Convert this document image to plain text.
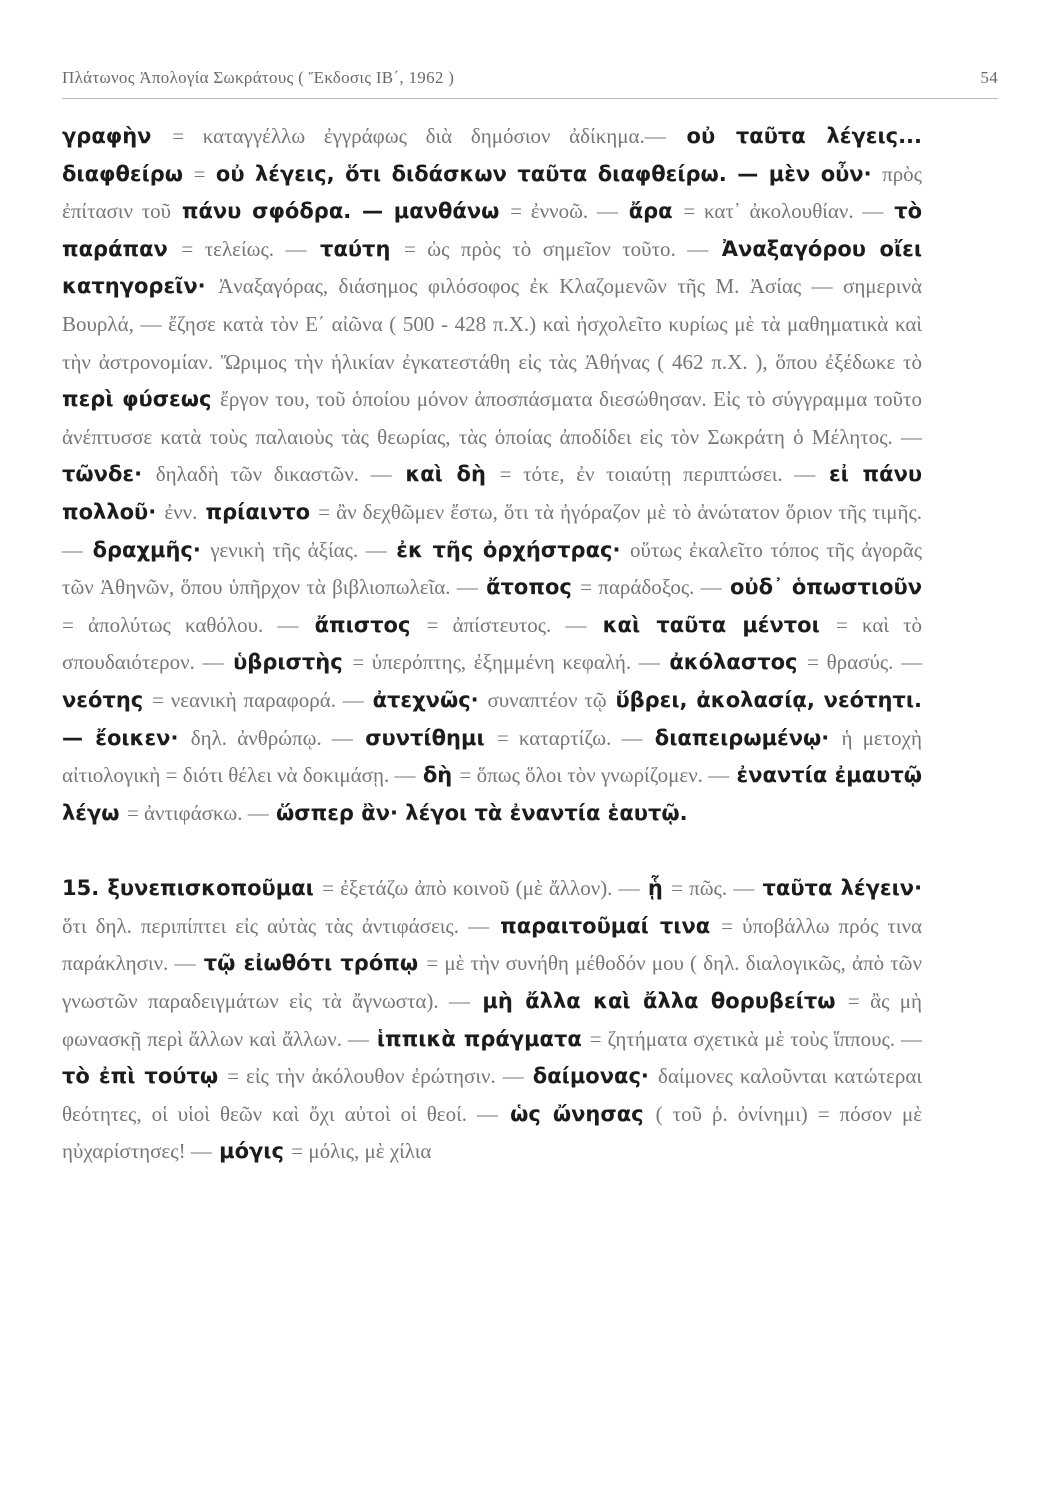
Πλάτωνος Ἀπολογία Σωκράτους ( Ἔκδοσις ΙΒ΄, 1962 )	54

γραφὴν = καταγγέλλω ἐγγράφως διὰ δημόσιον ἀδίκημα.— οὐ ταῦτα λέγεις... διαφθείρω = οὐ λέγεις, ὅτι διδάσκων ταῦτα διαφθείρω. — μὲν οὖν· πρὸς ἐπίτασιν τοῦ πάνυ σφόδρα. — μανθάνω = ἐννοῶ. — ἄρα = κατ᾽ ἀκολουθίαν. — τὸ παράπαν = τελείως. — ταύτη = ὡς πρὸς τὸ σημεῖον τοῦτο. — Ἀναξαγόρου οἴει κατηγορεῖν· Ἀναξαγόρας, διάσημος φιλόσοφος ἐκ Κλαζομενῶν τῆς Μ. Ἀσίας — σημερινὰ Βουρλά, — ἔζησε κατὰ τὸν Ε΄ αἰῶνα ( 500 - 428 π.Χ.) καὶ ἠσχολεῖτο κυρίως μὲ τὰ μαθηματικὰ καὶ τὴν ἀστρονομίαν. Ὥριμος τὴν ἡλικίαν ἐγκατεστάθη εἰς τὰς Ἀθήνας ( 462 π.Χ. ), ὅπου ἐξέδωκε τὸ περὶ φύσεως ἔργον του, τοῦ ὁποίου μόνον ἀποσπάσματα διεσώθησαν. Εἰς τὸ σύγγραμμα τοῦτο ἀνέπτυσσε κατὰ τοὺς παλαιοὺς τὰς θεωρίας, τὰς ὁποίας ἀποδίδει εἰς τὸν Σωκράτη ὁ Μέλητος. — τῶνδε· δηλαδὴ τῶν δικαστῶν. — καὶ δὴ = τότε, ἐν τοιαύτῃ περιπτώσει. — εἰ πάνυ πολλοῦ· ἐνν. πρίαιντο = ἂν δεχθῶμεν ἔστω, ὅτι τὰ ἠγόραζον μὲ τὸ ἀνώτατον ὅριον τῆς τιμῆς. — δραχμῆς· γενικὴ τῆς ἀξίας. — ἐκ τῆς ὀρχήστρας· οὕτως ἐκαλεῖτο τόπος τῆς ἀγορᾶς τῶν Ἀθηνῶν, ὅπου ὑπῆρχον τὰ βιβλιοπωλεῖα. — ἄτοπος = παράδοξος. — οὐδ᾽ ὁπωστιοῦν = ἀπολύτως καθόλου. — ἄπιστος = ἀπίστευτος. — καὶ ταῦτα μέντοι = καὶ τὸ σπουδαιότερον. — ὑβριστὴς = ὑπερόπτης, ἐξημμένη κεφαλή. — ἀκόλαστος = θρασύς. — νεότης = νεανικὴ παραφορά. — ἀτεχνῶς· συναπτέον τῷ ὕβρει, ἀκολασίᾳ, νεότητι. — ἔοικεν· δηλ. ἀνθρώπῳ. — συντίθημι = καταρτίζω. — διαπειρωμένῳ· ἡ μετοχὴ αἰτιολογικὴ = διότι θέλει νὰ δοκιμάσῃ. — δὴ = ὅπως ὅλοι τὸν γνωρίζομεν. — ἐναντία ἐμαυτῷ λέγω = ἀντιφάσκω. — ὥσπερ ἂν· λέγοι τὰ ἐναντία ἑαυτῷ.

15. ξυνεπισκοποῦμαι = ἐξετάζω ἀπὸ κοινοῦ (μὲ ἄλλον). — ᾗ = πῶς. — ταῦτα λέγειν· ὅτι δηλ. περιπίπτει εἰς αὐτὰς τὰς ἀντιφάσεις. — παραιτοῦμαί τινα = ὑποβάλλω πρός τινα παράκλησιν. — τῷ εἰωθότι τρόπῳ = μὲ τὴν συνήθη μέθοδόν μου ( δηλ. διαλογικῶς, ἀπὸ τῶν γνωστῶν παραδειγμάτων εἰς τὰ ἄγνωστα). — μὴ ἄλλα καὶ ἄλλα θορυβείτω = ἂς μὴ φωνασκῇ περὶ ἄλλων καὶ ἄλλων. — ἱππικὰ πράγματα = ζητήματα σχετικὰ μὲ τοὺς ἵππους. — τὸ ἐπὶ τούτῳ = εἰς τὴν ἀκόλουθον ἐρώτησιν. — δαίμονας· δαίμονες καλοῦνται κατώτεραι θεότητες, οἱ υἱοὶ θεῶν καὶ ὄχι αὐτοὶ οἱ θεοί. — ὡς ὤνησας ( τοῦ ῥ. ὀνίνημι) = πόσον μὲ ηὐχαρίστησες! — μόγις = μόλις, μὲ χίλια
